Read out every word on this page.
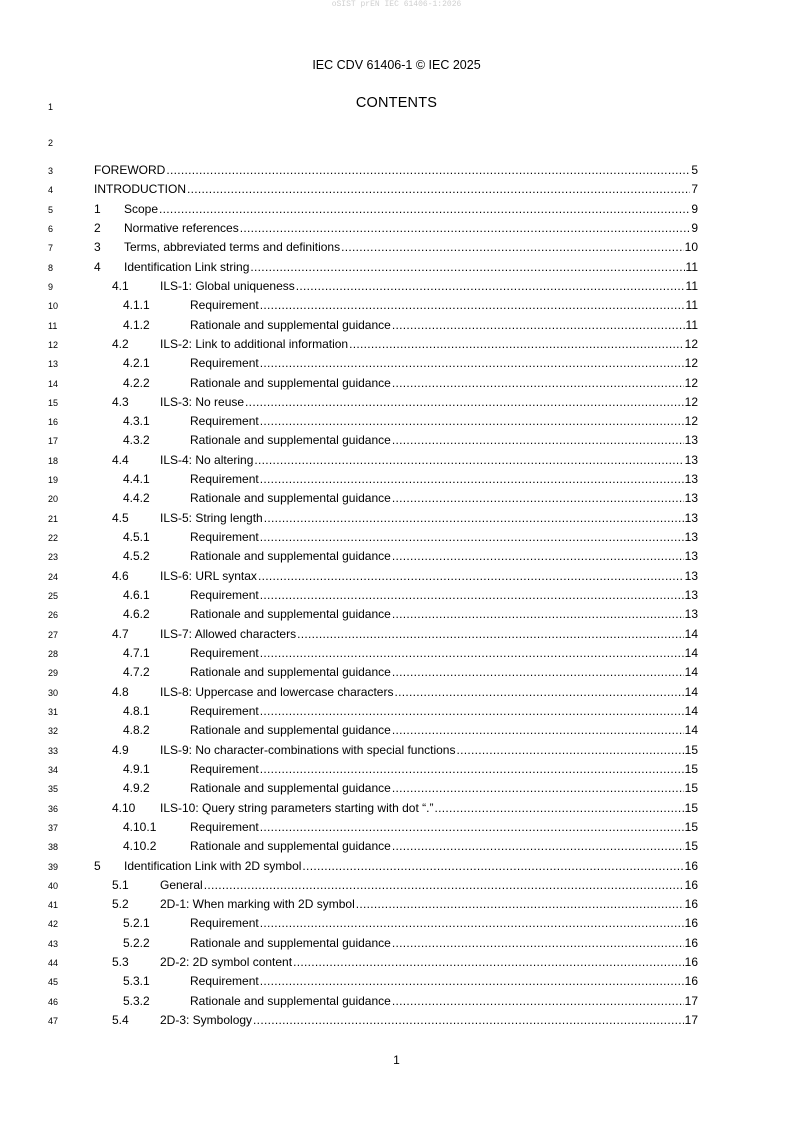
oSIST prEN IEC 61406-1:2026
IEC CDV 61406-1 © IEC 2025
CONTENTS
1
2
3	FOREWORD .....	5
4	INTRODUCTION .....	7
5	1	Scope .....	9
6	2	Normative references .....	9
7	3	Terms, abbreviated terms and definitions .....	10
8	4	Identification Link string .....	11
9	4.1	ILS-1: Global uniqueness .....	11
10	4.1.1	Requirement .....	11
11	4.1.2	Rationale and supplemental guidance .....	11
12	4.2	ILS-2: Link to additional information .....	12
13	4.2.1	Requirement .....	12
14	4.2.2	Rationale and supplemental guidance .....	12
15	4.3	ILS-3: No reuse .....	12
16	4.3.1	Requirement .....	12
17	4.3.2	Rationale and supplemental guidance .....	13
18	4.4	ILS-4: No altering .....	13
19	4.4.1	Requirement .....	13
20	4.4.2	Rationale and supplemental guidance .....	13
21	4.5	ILS-5: String length .....	13
22	4.5.1	Requirement .....	13
23	4.5.2	Rationale and supplemental guidance .....	13
24	4.6	ILS-6: URL syntax .....	13
25	4.6.1	Requirement .....	13
26	4.6.2	Rationale and supplemental guidance .....	13
27	4.7	ILS-7: Allowed characters .....	14
28	4.7.1	Requirement .....	14
29	4.7.2	Rationale and supplemental guidance .....	14
30	4.8	ILS-8: Uppercase and lowercase characters .....	14
31	4.8.1	Requirement .....	14
32	4.8.2	Rationale and supplemental guidance .....	14
33	4.9	ILS-9: No character-combinations with special functions .....	15
34	4.9.1	Requirement .....	15
35	4.9.2	Rationale and supplemental guidance .....	15
36	4.10	ILS-10: Query string parameters starting with dot “.” .....	15
37	4.10.1	Requirement .....	15
38	4.10.2	Rationale and supplemental guidance .....	15
39	5	Identification Link with 2D symbol .....	16
40	5.1	General .....	16
41	5.2	2D-1: When marking with 2D symbol .....	16
42	5.2.1	Requirement .....	16
43	5.2.2	Rationale and supplemental guidance .....	16
44	5.3	2D-2: 2D symbol content .....	16
45	5.3.1	Requirement .....	16
46	5.3.2	Rationale and supplemental guidance .....	17
47	5.4	2D-3: Symbology .....	17
1
